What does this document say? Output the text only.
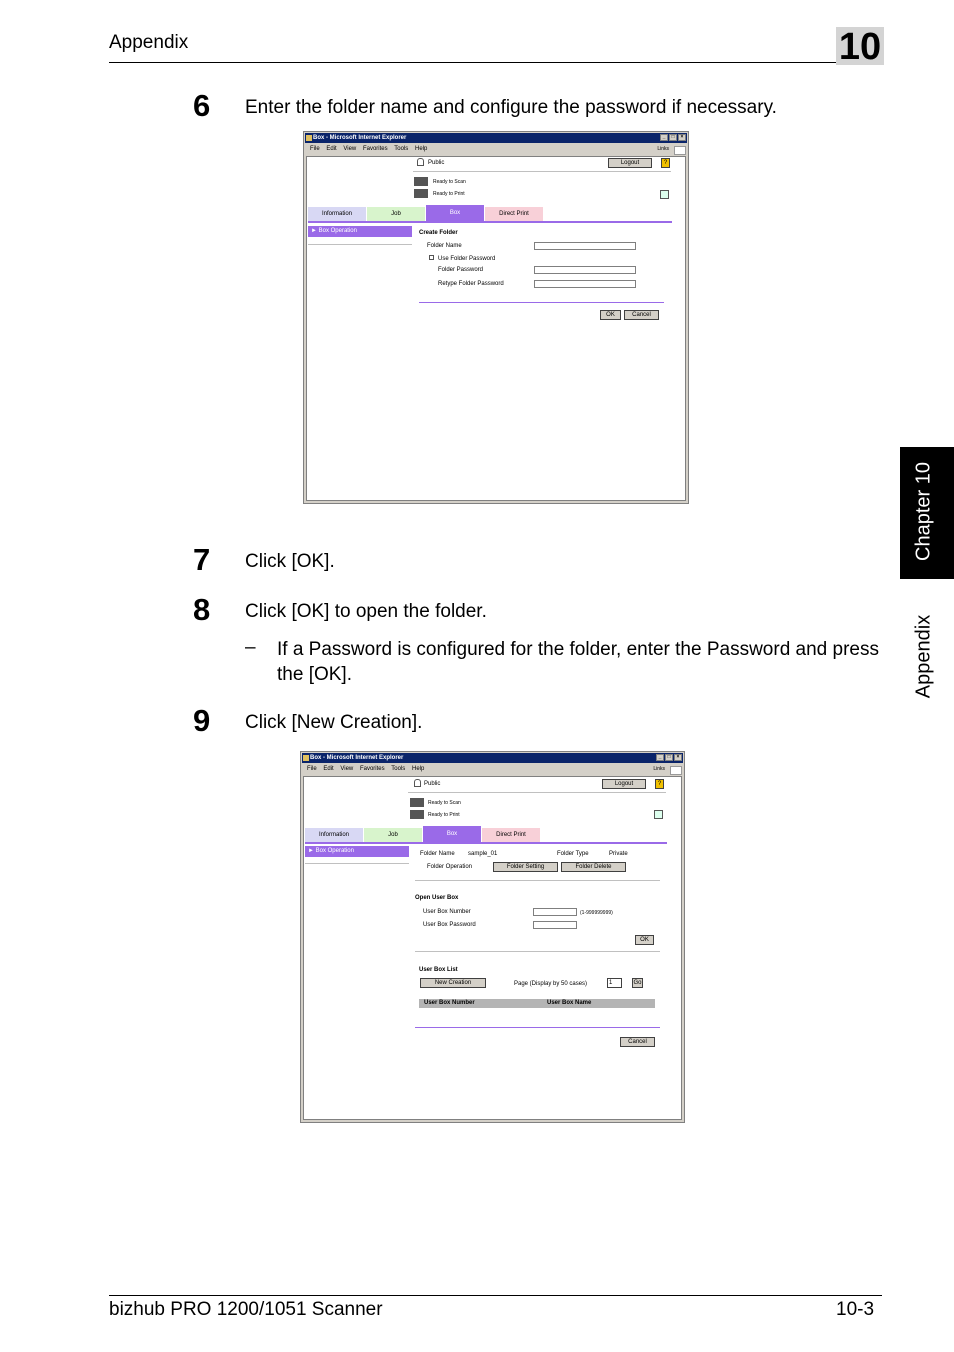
Appendix	10
Chapter 10
Appendix
6 Enter the folder name and configure the password if necessary.
Box - Microsoft Internet Explorer	_	□	×
File Edit View Favorites Tools Help	Links
Public	Logout	?
Ready to Scan
Ready to Print
Information	Job	Box	Direct Print
► Box Operation	Create Folder
Folder Name
Use Folder Password
Folder Password
Retype Folder Password
OK	Cancel
7 Click [OK].
8 Click [OK] to open the folder.
– If a Password is configured for the folder, enter the Password and press the [OK].
9 Click [New Creation].
Box - Microsoft Internet Explorer	_	□	×
File Edit View Favorites Tools Help	Links
Public	Logout	?
Ready to Scan
Ready to Print
Information	Job	Box	Direct Print
► Box Operation	Folder Name sample_01	Folder Type	Private
Folder Operation	Folder Setting	Folder Delete
Open User Box
User Box Number	(1-999999999)
User Box Password
OK
User Box List
New Creation	Page (Display by 50 cases)	1	Go
User Box Number	User Box Name
Cancel
bizhub PRO 1200/1051 Scanner	10-3
